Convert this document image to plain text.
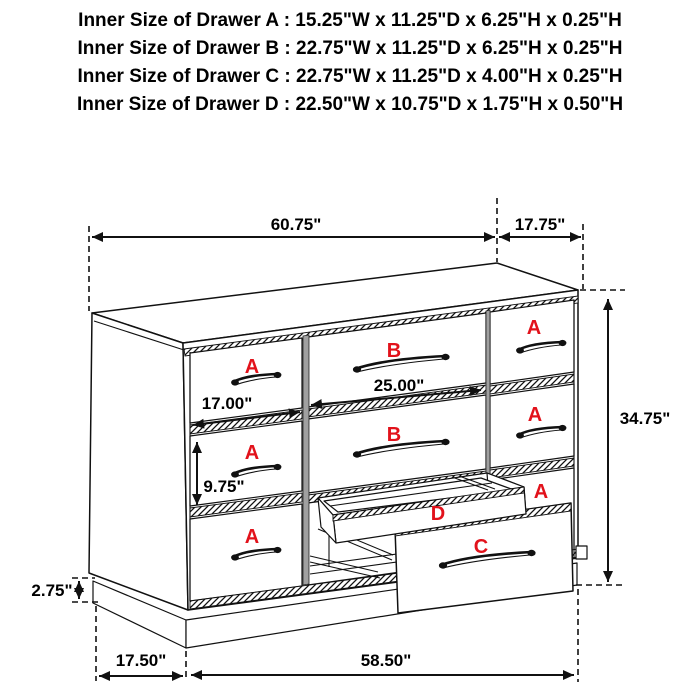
Inner Size of Drawer A : 15.25"W x 11.25"D x 6.25"H x 0.25"H
Inner Size of Drawer B : 22.75"W x 11.25"D x 6.25"H x 0.25"H
Inner Size of Drawer C : 22.75"W x 11.25"D x 4.00"H x 0.25"H
Inner Size of Drawer D : 22.50"W x 10.75"D x 1.75"H x 0.50"H
A
A
A
B
B
A
A
A
D
C
60.75"	17.75"
34.75"
17.00"
25.00"
9.75"
2.75"
17.50"	58.50"
